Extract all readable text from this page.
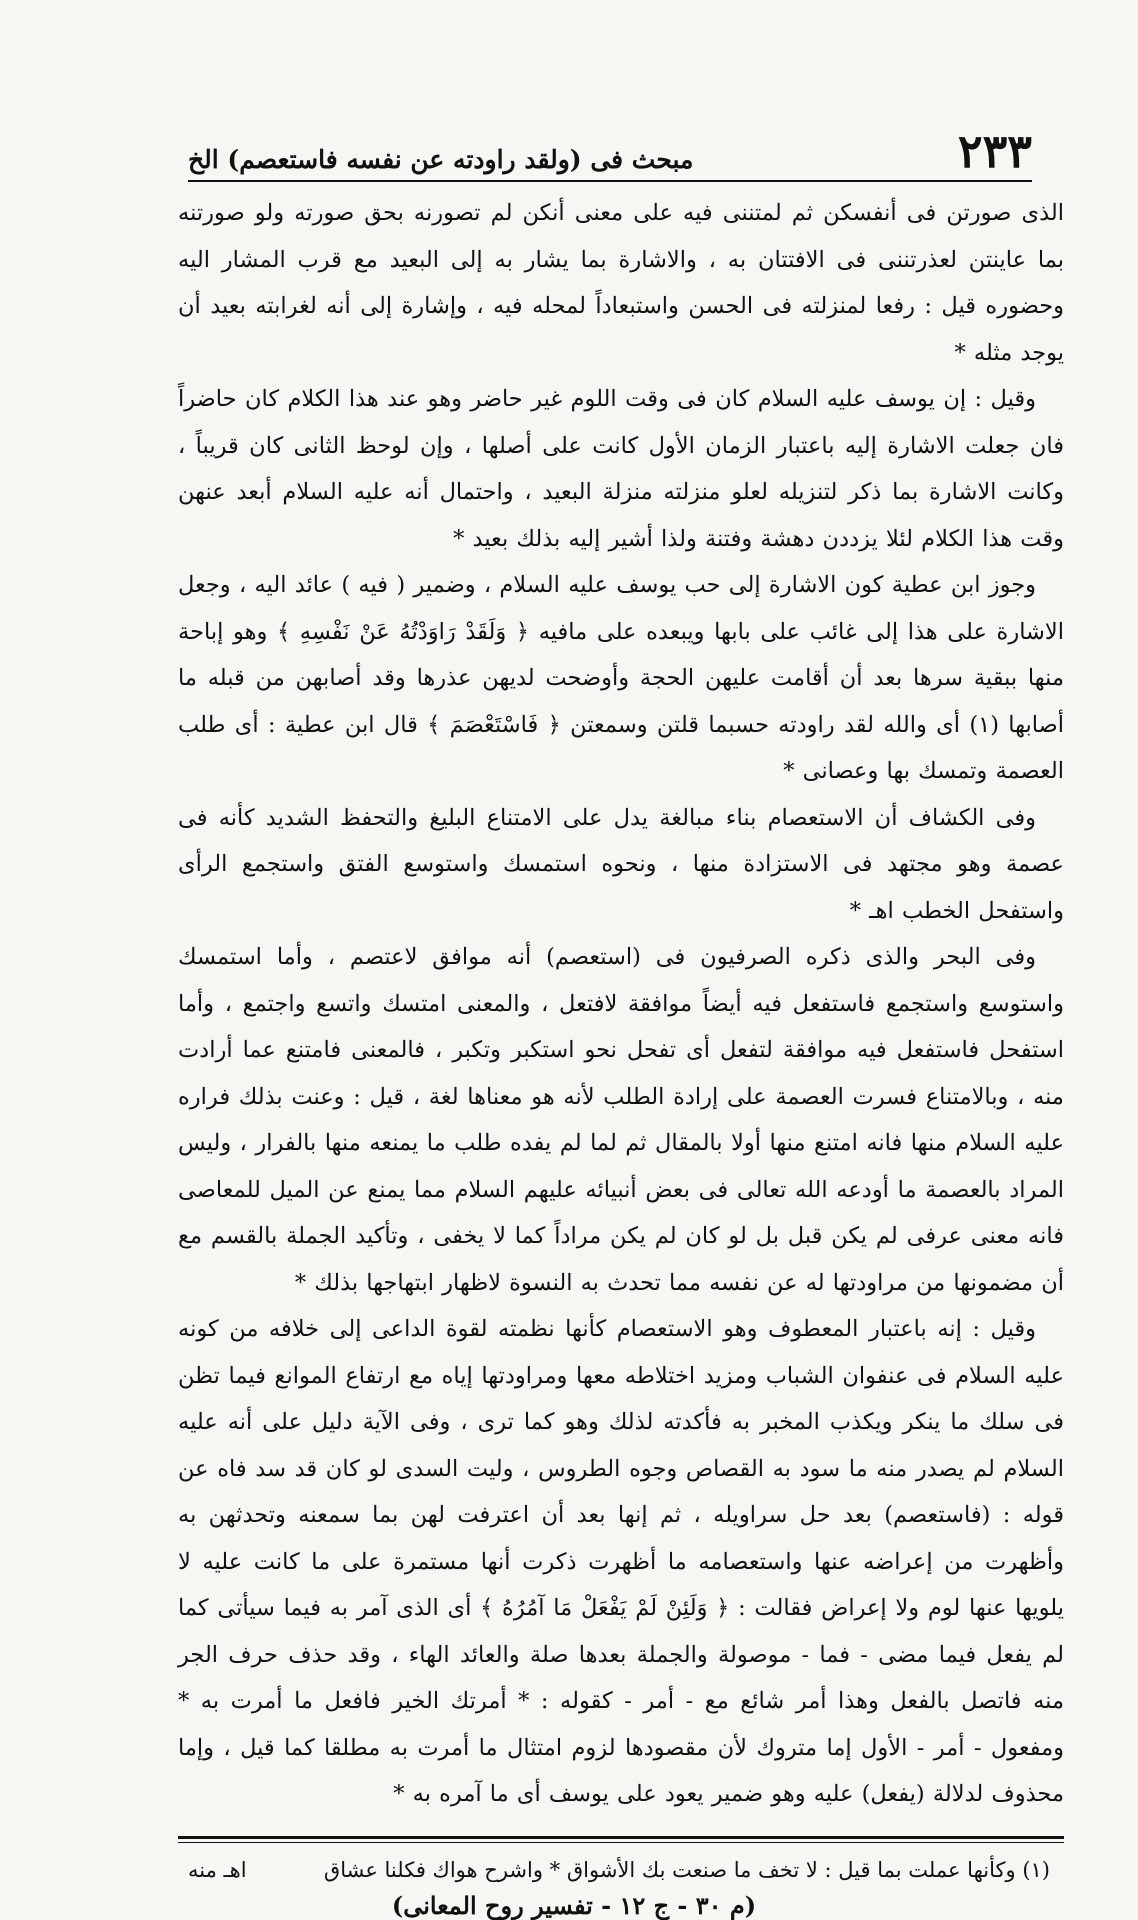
مبحث فى (ولقد راودته عن نفسه فاستعصم) الخ	٢٣٣

الذى صورتن فى أنفسكن ثم لمتننى فيه على معنى أنكن لم تصورنه بحق صورته ولو صورتنه بما عاينتن لعذرتننى فى الافتتان به ، والاشارة بما يشار به إلى البعيد مع قرب المشار اليه وحضوره قيل : رفعا لمنزلته فى الحسن واستبعاداً لمحله فيه ، وإشارة إلى أنه لغرابته بعيد أن يوجد مثله *

وقيل : إن يوسف عليه السلام كان فى وقت اللوم غير حاضر وهو عند هذا الكلام كان حاضراً فان جعلت الاشارة إليه باعتبار الزمان الأول كانت على أصلها ، وإن لوحظ الثانى كان قريباً ، وكانت الاشارة بما ذكر لتنزيله لعلو منزلته منزلة البعيد ، واحتمال أنه عليه السلام أبعد عنهن وقت هذا الكلام لئلا يزددن دهشة وفتنة ولذا أشير إليه بذلك بعيد *

وجوز ابن عطية كون الاشارة إلى حب يوسف عليه السلام ، وضمير ( فيه ) عائد اليه ، وجعل الاشارة على هذا إلى غائب على بابها ويبعده على مافيه ﴿ وَلَقَدْ رَاوَدْتُهُ عَنْ نَفْسِهِ ﴾ وهو إباحة منها ببقية سرها بعد أن أقامت عليهن الحجة وأوضحت لديهن عذرها وقد أصابهن من قبله ما أصابها (١) أى والله لقد راودته حسبما قلتن وسمعتن ﴿ فَاسْتَعْصَمَ ﴾ قال ابن عطية : أى طلب العصمة وتمسك بها وعصانى *

وفى الكشاف أن الاستعصام بناء مبالغة يدل على الامتناع البليغ والتحفظ الشديد كأنه فى عصمة وهو مجتهد فى الاستزادة منها ، ونحوه استمسك واستوسع الفتق واستجمع الرأى واستفحل الخطب اهـ *

وفى البحر والذى ذكره الصرفيون فى (استعصم) أنه موافق لاعتصم ، وأما استمسك واستوسع واستجمع فاستفعل فيه أيضاً موافقة لافتعل ، والمعنى امتسك واتسع واجتمع ، وأما استفحل فاستفعل فيه موافقة لتفعل أى تفحل نحو استكبر وتكبر ، فالمعنى فامتنع عما أرادت منه ، وبالامتناع فسرت العصمة على إرادة الطلب لأنه هو معناها لغة ، قيل : وعنت بذلك فراره عليه السلام منها فانه امتنع منها أولا بالمقال ثم لما لم يفده طلب ما يمنعه منها بالفرار ، وليس المراد بالعصمة ما أودعه الله تعالى فى بعض أنبيائه عليهم السلام مما يمنع عن الميل للمعاصى فانه معنى عرفى لم يكن قبل بل لو كان لم يكن مراداً كما لا يخفى ، وتأكيد الجملة بالقسم مع أن مضمونها من مراودتها له عن نفسه مما تحدث به النسوة لاظهار ابتهاجها بذلك *

وقيل : إنه باعتبار المعطوف وهو الاستعصام كأنها نظمته لقوة الداعى إلى خلافه من كونه عليه السلام فى عنفوان الشباب ومزيد اختلاطه معها ومراودتها إياه مع ارتفاع الموانع فيما تظن فى سلك ما ينكر ويكذب المخبر به فأكدته لذلك وهو كما ترى ، وفى الآية دليل على أنه عليه السلام لم يصدر منه ما سود به القصاص وجوه الطروس ، وليت السدى لو كان قد سد فاه عن قوله : (فاستعصم) بعد حل سراويله ، ثم إنها بعد أن اعترفت لهن بما سمعنه وتحدثهن به وأظهرت من إعراضه عنها واستعصامه ما أظهرت ذكرت أنها مستمرة على ما كانت عليه لا يلويها عنها لوم ولا إعراض فقالت : ﴿ وَلَئِنْ لَمْ يَفْعَلْ مَا آمُرُهُ ﴾ أى الذى آمر به فيما سيأتى كما لم يفعل فيما مضى - فما - موصولة والجملة بعدها صلة والعائد الهاء ، وقد حذف حرف الجر منه فاتصل بالفعل وهذا أمر شائع مع - أمر - كقوله : * أمرتك الخير فافعل ما أمرت به * ومفعول - أمر - الأول إما متروك لأن مقصودها لزوم امتثال ما أمرت به مطلقا كما قيل ، وإما محذوف لدلالة (يفعل) عليه وهو ضمير يعود على يوسف أى ما آمره به *

(١) وكأنها عملت بما قيل : لا تخف ما صنعت بك الأشواق * واشرح هواك فكلنا عشاق
اهـ منه
(م ٣٠ - ج ١٢ - تفسير روح المعانى)
